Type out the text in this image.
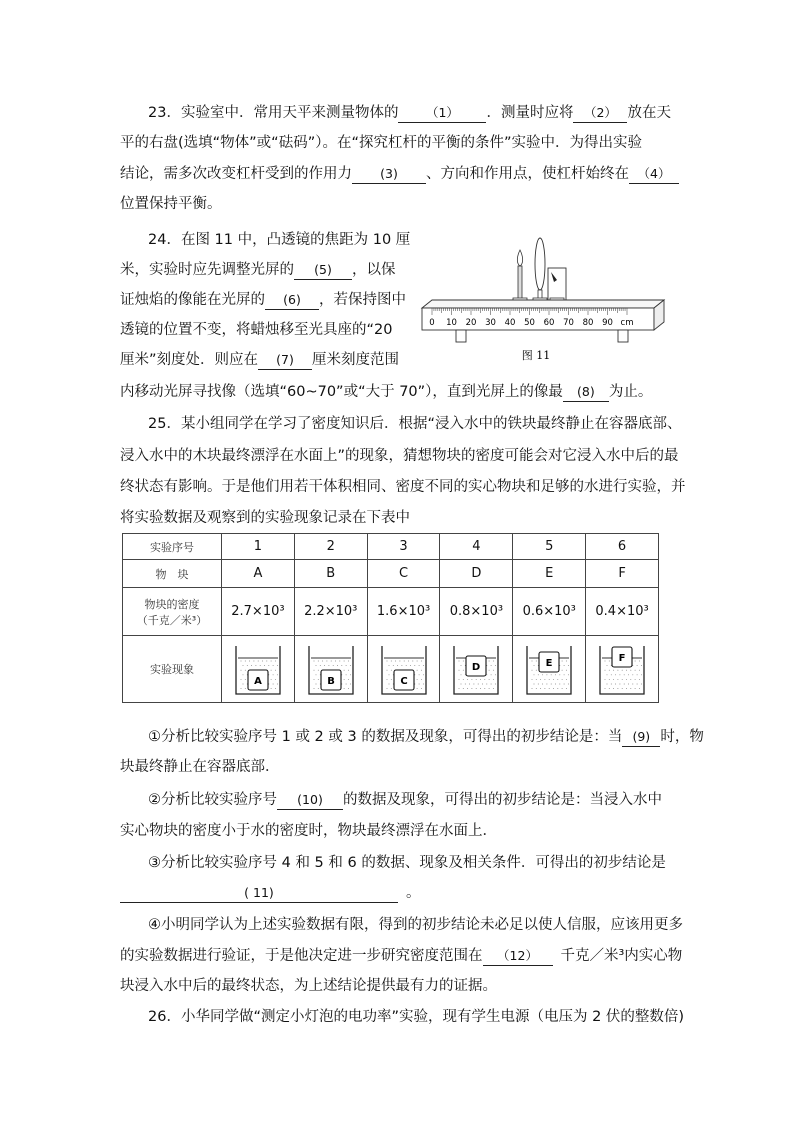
23．实验室中．常用天平来测量物体的 （1） ．测量时应将 （2） 放在天
平的右盘(选填“物体”或“砝码”）。在“探究杠杆的平衡的条件”实验中．为得出实验
结论，需多次改变杠杆受到的作用力 (3) 、方向和作用点，使杠杆始终在 （4）
位置保持平衡。
24．在图 11 中，凸透镜的焦距为 10 厘
米，实验时应先调整光屏的 (5) ，以保
证烛焰的像能在光屏的 (6) ，若保持图中
透镜的位置不变，将蜡烛移至光具座的“20
厘米”刻度处．则应在 (7) 厘米刻度范围
内移动光屏寻找像（选填“60~70”或“大于 70”），直到光屏上的像最 (8) 为止。
0 10 20 30 40 50 60 70 80 90 cm
图 11
25．某小组同学在学习了密度知识后．根据“浸入水中的铁块最终静止在容器底部、
浸入水中的木块最终漂浮在水面上”的现象，猜想物块的密度可能会对它浸入水中后的最
终状态有影响。于是他们用若干体积相同、密度不同的实心物块和足够的水进行实验，并
将实验数据及观察到的实验现象记录在下表中
实验序号	1	2	3	4	5	6
物　块	A	B	C	D	E	F
物块的密度
（千克／米³）	2.7×10³	2.2×10³	1.6×10³	0.8×10³	0.6×10³	0.4×10³
实验现象	A	B	C	D	E	F
①分析比较实验序号 1 或 2 或 3 的数据及现象，可得出的初步结论是：当 (9) 时，物
块最终静止在容器底部．
②分析比较实验序号 (10) 的数据及现象，可得出的初步结论是：当浸入水中
实心物块的密度小于水的密度时，物块最终漂浮在水面上．
③分析比较实验序号 4 和 5 和 6 的数据、现象及相关条件．可得出的初步结论是
( 11)	。
④小明同学认为上述实验数据有限，得到的初步结论未必足以使人信服，应该用更多
的实验数据进行验证，于是他决定进一步研究密度范围在 （12） 千克／米³内实心物
块浸入水中后的最终状态，为上述结论提供最有力的证据。
26．小华同学做“测定小灯泡的电功率”实验，现有学生电源（电压为 2 伏的整数倍)
